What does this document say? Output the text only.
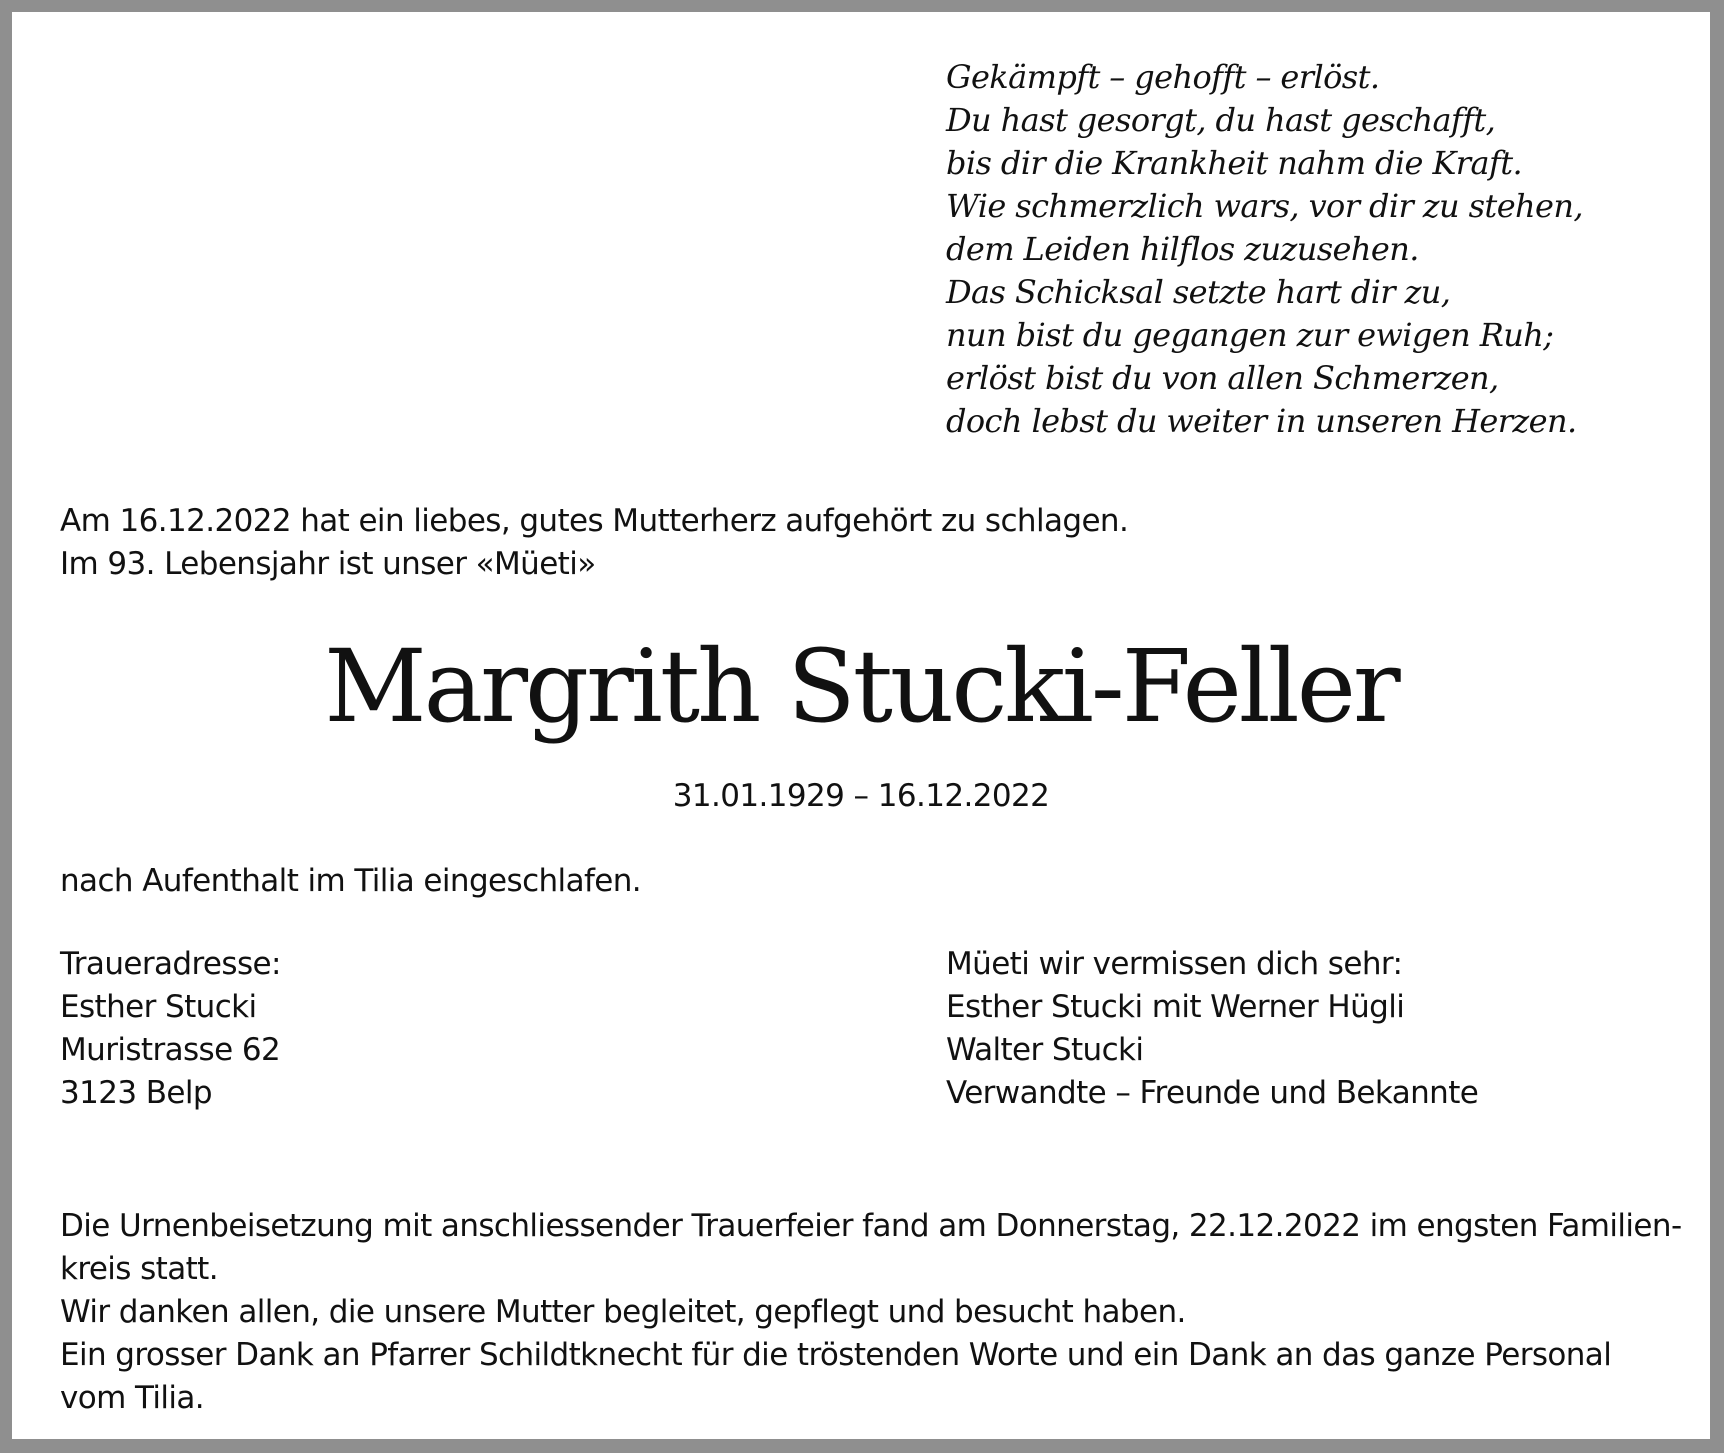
Gekämpft – gehofft – erlöst.
Du hast gesorgt, du hast geschafft,
bis dir die Krankheit nahm die Kraft.
Wie schmerzlich wars, vor dir zu stehen,
dem Leiden hilflos zuzusehen.
Das Schicksal setzte hart dir zu,
nun bist du gegangen zur ewigen Ruh;
erlöst bist du von allen Schmerzen,
doch lebst du weiter in unseren Herzen.
Am 16.12.2022 hat ein liebes, gutes Mutterherz aufgehört zu schlagen.
Im 93. Lebensjahr ist unser «Müeti»
Margrith Stucki-Feller
31.01.1929 – 16.12.2022
nach Aufenthalt im Tilia eingeschlafen.
Traueradresse:
Esther Stucki
Muristrasse 62
3123 Belp
Müeti wir vermissen dich sehr:
Esther Stucki mit Werner Hügli
Walter Stucki
Verwandte – Freunde und Bekannte
Die Urnenbeisetzung mit anschliessender Trauerfeier fand am Donnerstag, 22.12.2022 im engsten Familien-
kreis statt.
Wir danken allen, die unsere Mutter begleitet, gepflegt und besucht haben.
Ein grosser Dank an Pfarrer Schildtknecht für die tröstenden Worte und ein Dank an das ganze Personal
vom Tilia.
